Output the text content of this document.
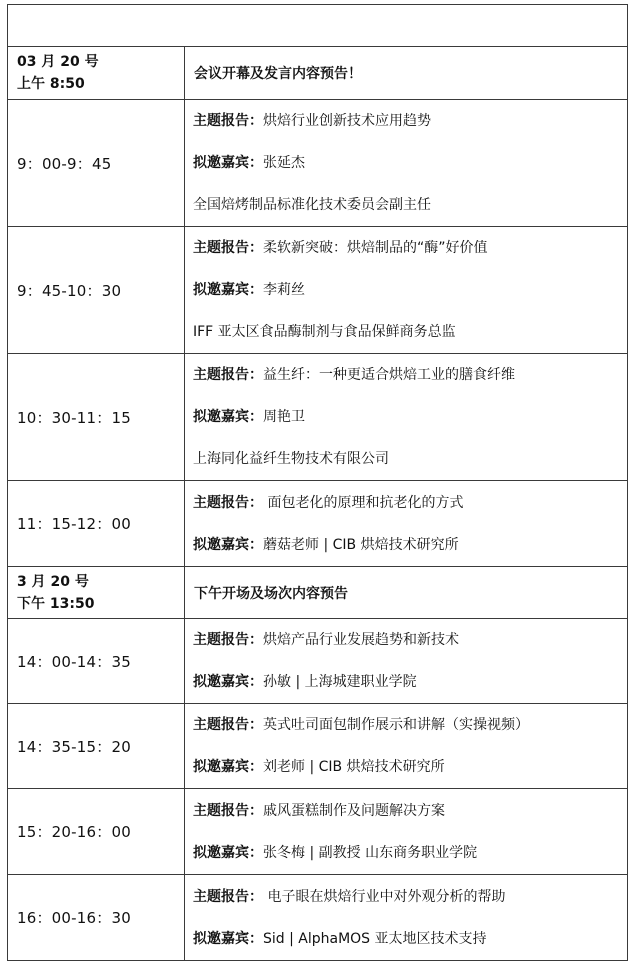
03 月 20 号
上午 8:50	会议开幕及发言内容预告！
9：00-9：45	主题报告：烘焙行业创新技术应用趋势
拟邀嘉宾：张延杰
全国焙烤制品标准化技术委员会副主任

9：45-10：30	主题报告：柔软新突破：烘焙制品的“酶”好价值
拟邀嘉宾：李莉丝
IFF 亚太区食品酶制剂与食品保鲜商务总监

10：30-11：15	主题报告：益生纤：一种更适合烘焙工业的膳食纤维
拟邀嘉宾：周艳卫
上海同化益纤生物技术有限公司

11：15-12：00	主题报告： 面包老化的原理和抗老化的方式
拟邀嘉宾：蘑菇老师 | CIB 烘焙技术研究所

3 月 20 号
下午 13:50	下午开场及场次内容预告
14：00-14：35	主题报告：烘焙产品行业发展趋势和新技术
拟邀嘉宾：孙敏 | 上海城建职业学院

14：35-15：20	主题报告：英式吐司面包制作展示和讲解（实操视频）
拟邀嘉宾：刘老师 | CIB 烘焙技术研究所

15：20-16：00	主题报告：戚风蛋糕制作及问题解决方案
拟邀嘉宾：张冬梅 | 副教授 山东商务职业学院

16：00-16：30	主题报告： 电子眼在烘焙行业中对外观分析的帮助
拟邀嘉宾：Sid | AlphaMOS 亚太地区技术支持
